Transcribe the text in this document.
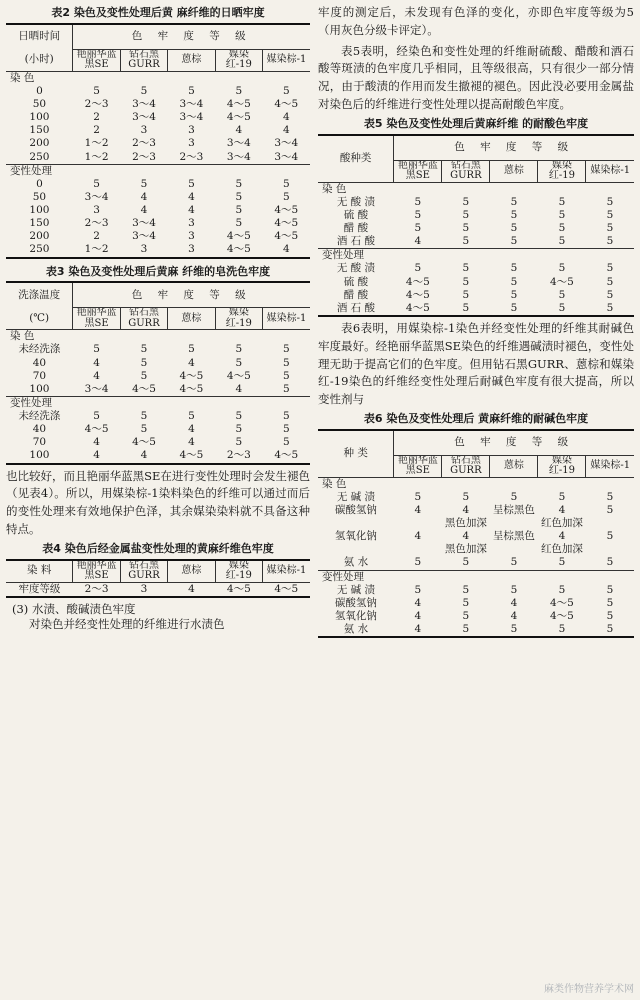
表2 染色及变性处理后黄 麻纤维的日晒牢度
日晒时间	色 牢 度 等 级				
(小时)	艳丽华蓝黑SE	钻石黑GURR	蒽棕	媒染红-19	媒染棕-1
染 色					
0	5	5	5	5	5
50	2～3	3～4	3～4	4～5	4～5
100	2	3～4	3～4	4～5	4
150	2	3	3	4	4
200	1～2	2～3	3	3～4	3～4
250	1～2	2～3	2～3	3～4	3～4
变性处理					
0	5	5	5	5	5
50	3～4	4	4	5	5
100	3	4	4	5	4～5
150	2～3	3～4	3	5	4～5
200	2	3～4	3	4～5	4～5
250	1～2	3	3	4～5	4
表3 染色及变性处理后黄麻 纤维的皂洗色牢度
洗涤温度	色 牢 度 等 级				
(℃)	艳丽华蓝黑SE	钻石黑GURR	蒽棕	媒染红-19	媒染棕-1
染 色					
未经洗涤	5	5	5	5	5
40	4	5	4	5	5
70	4	5	4～5	4～5	5
100	3～4	4～5	4～5	4	5
变性处理					
未经洗涤	5	5	5	5	5
40	4～5	5	4	5	5
70	4	4～5	4	5	5
100	4	4	4～5	2～3	4～5

也比较好，而且艳丽华蓝黑SE在进行变性处理时会发生褪色（见表4）。所以，用媒染棕-1染料染色的纤维可以通过而后的变性处理来有效地保护色泽，其余媒染染料就不具备这种特点。

表4 染色后经金属盐变性处理的黄麻纤维色牢度
染 料	艳丽华蓝黑SE	钻石黑GURR	蒽棕	媒染红-19	媒染棕-1
牢度等级	2～3	3	4	4～5	4～5
(3) 水渍、酸碱渍色牢度
对染色并经变性处理的纤维进行水渍色

牢度的测定后，未发现有色泽的变化，亦即色牢度等级为5（用灰色分级卡评定）。

表5表明，经染色和变性处理的纤维耐硫酸、醋酸和酒石酸等斑渍的色牢度几乎相同，且等级很高，只有很少一部分情况，由于酸渍的作用而发生撤褪的褪色。因此没必要用金属盐对染色后的纤维进行变性处理以提高耐酸色牢度。

表5 染色及变性处理后黄麻纤维 的耐酸色牢度
酸种类	色 牢 度 等 级				
	艳丽华蓝黑SE	钻石黑GURR	蒽棕	媒染红-19	媒染棕-1
染 色					
无 酸 渍	5	5	5	5	5
硫 酸	5	5	5	5	5
醋 酸	5	5	5	5	5
酒 石 酸	4	5	5	5	5
变性处理					
无 酸 渍	5	5	5	5	5
硫 酸	4～5	5	5	4～5	5
醋 酸	4～5	5	5	5	5
酒 石 酸	4～5	5	5	5	5

表6表明，用媒染棕-1染色并经变性处理的纤维其耐碱色牢度最好。经艳丽华蓝黑SE染色的纤维遇碱渍时褪色，变性处理无助于提高它们的色牢度。但用钻石黑GURR、蒽棕和媒染红-19染色的纤维经变性处理后耐碱色牢度有很大提高，所以变性剂与

表6 染色及变性处理后 黄麻纤维的耐碱色牢度
种 类	色 牢 度 等 级				
	艳丽华蓝黑SE	钻石黑GURR	蒽棕	媒染红-19	媒染棕-1
染 色					
无 碱 渍	5	5	5	5	5
碳酸氢钠	4	4	呈棕黑色	4	5
		黑色加深		红色加深	
氢氧化钠	4	4	呈棕黑色	4	5
		黑色加深		红色加深	
氨 水	5	5	5	5	5
变性处理					
无 碱 渍	5	5	5	5	5
碳酸氢钠	4	5	4	4～5	5
氢氧化钠	4	5	4	4～5	5
氨 水	4	5	5	5	5
麻类作物营养学术网
